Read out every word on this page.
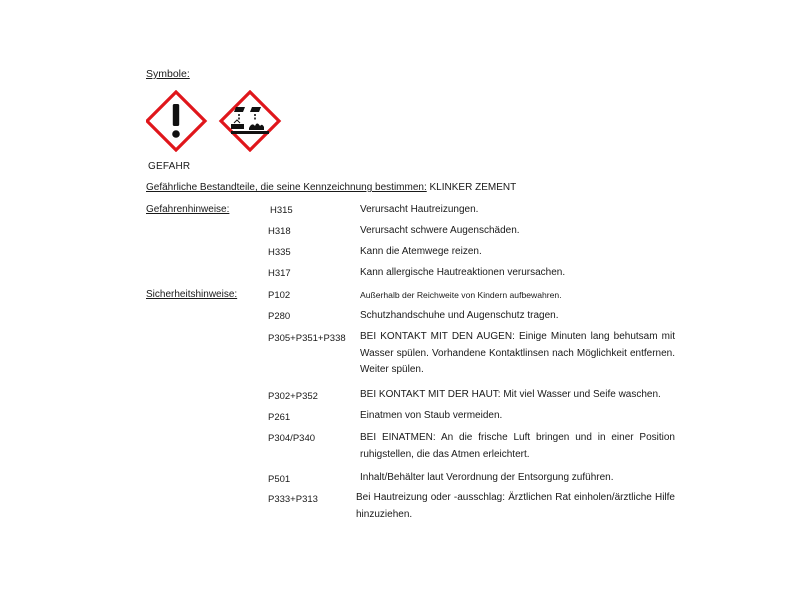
Symbole:
GEFAHR
Gefährliche Bestandteile, die seine Kennzeichnung bestimmen: KLINKER ZEMENT
Gefahrenhinweise:	H315	Verursacht Hautreizungen.
H318	Verursacht schwere Augenschäden.
H335	Kann die Atemwege reizen.
H317	Kann allergische Hautreaktionen verursachen.
Sicherheitshinweise:	P102	Außerhalb der Reichweite von Kindern aufbewahren.
P280	Schutzhandschuhe und Augenschutz tragen.
P305+P351+P338 BEI KONTAKT MIT DEN AUGEN: Einige Minuten lang behutsam mit Wasser spülen. Vorhandene Kontaktlinsen nach Möglichkeit entfernen. Weiter spülen.
P302+P352	BEI KONTAKT MIT DER HAUT: Mit viel Wasser und Seife waschen.
P261	Einatmen von Staub vermeiden.
P304/P340	BEI EINATMEN: An die frische Luft bringen und in einer Position ruhigstellen, die das Atmen erleichtert.
P501	Inhalt/Behälter laut Verordnung der Entsorgung zuführen.
P333+P313	Bei Hautreizung oder -ausschlag: Ärztlichen Rat einholen/ärztliche Hilfe hinzuziehen.
